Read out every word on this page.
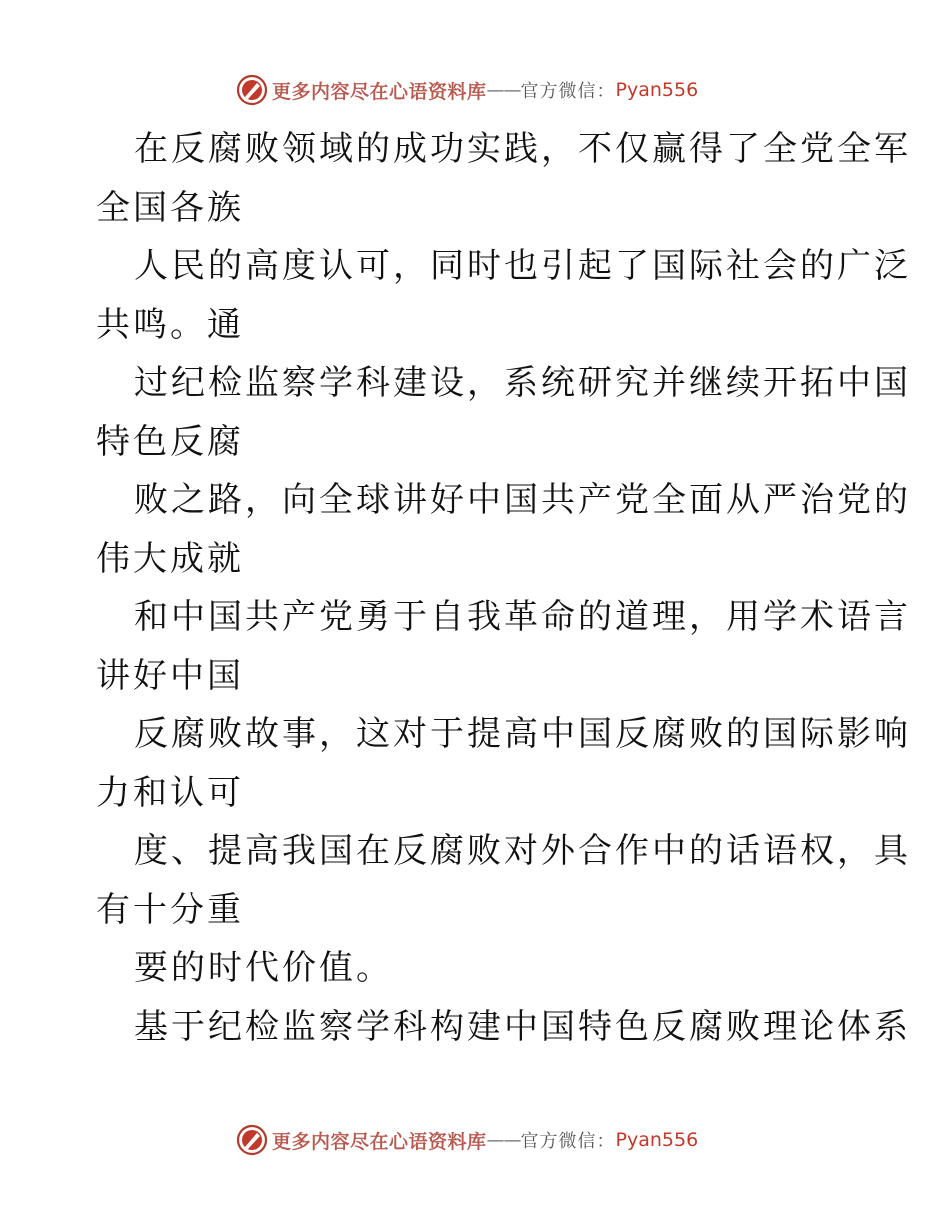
更多内容尽在心语资料库 —— 官方微信： Pyan556
在反腐败领域的成功实践，不仅赢得了全党全军
全国各族
人民的高度认可，同时也引起了国际社会的广泛
共鸣。通
过纪检监察学科建设，系统研究并继续开拓中国
特色反腐
败之路，向全球讲好中国共产党全面从严治党的
伟大成就
和中国共产党勇于自我革命的道理，用学术语言
讲好中国
反腐败故事，这对于提高中国反腐败的国际影响
力和认可
度、提高我国在反腐败对外合作中的话语权，具
有十分重
要的时代价值。
基于纪检监察学科构建中国特色反腐败理论体系
更多内容尽在心语资料库 —— 官方微信： Pyan556
